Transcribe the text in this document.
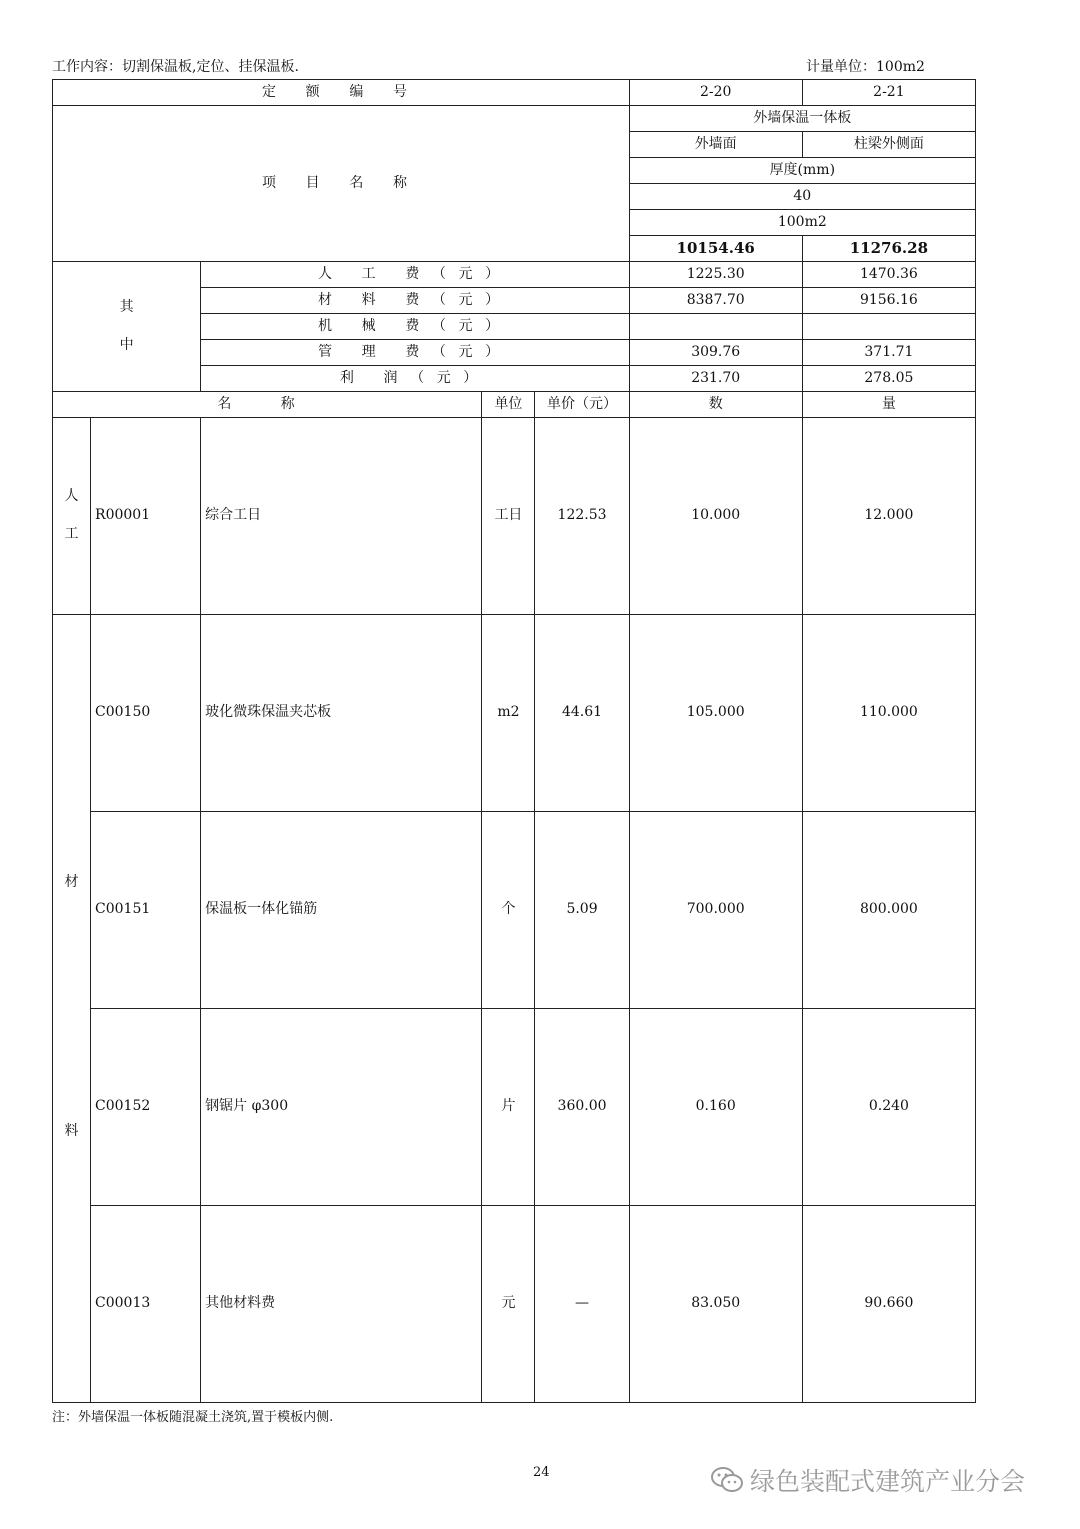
工作内容：切割保温板,定位、挂保温板.	计量单位：100m2
定 额 编 号					2-20	2-21
项 目 名 称					外墙保温一体板	
					外墙面	柱梁外侧面
					厚度(mm)	
					40	
					100m2	
					10154.46	11276.28
其
中		人 工 费（元）			1225.30	1470.36
		材 料 费（元）			8387.70	9156.16
		机 械 费（元）				
		管 理 费（元）			309.76	371.71
		利 润（元）			231.70	278.05
名 称			单位	单价（元）	数	量
人
工	R00001	综合工日	工日	122.53	10.000	12.000

材
料	C00150	玻化微珠保温夹芯板	m2	44.61	105.000	110.000
	C00151	保温板一体化锚筋	个	5.09	700.000	800.000
	C00152	钢锯片 φ300	片	360.00	0.160	0.240
	C00013	其他材料费	元	—	83.050	90.660
注：外墙保温一体板随混凝土浇筑,置于模板内侧.
24	绿色装配式建筑产业分会
